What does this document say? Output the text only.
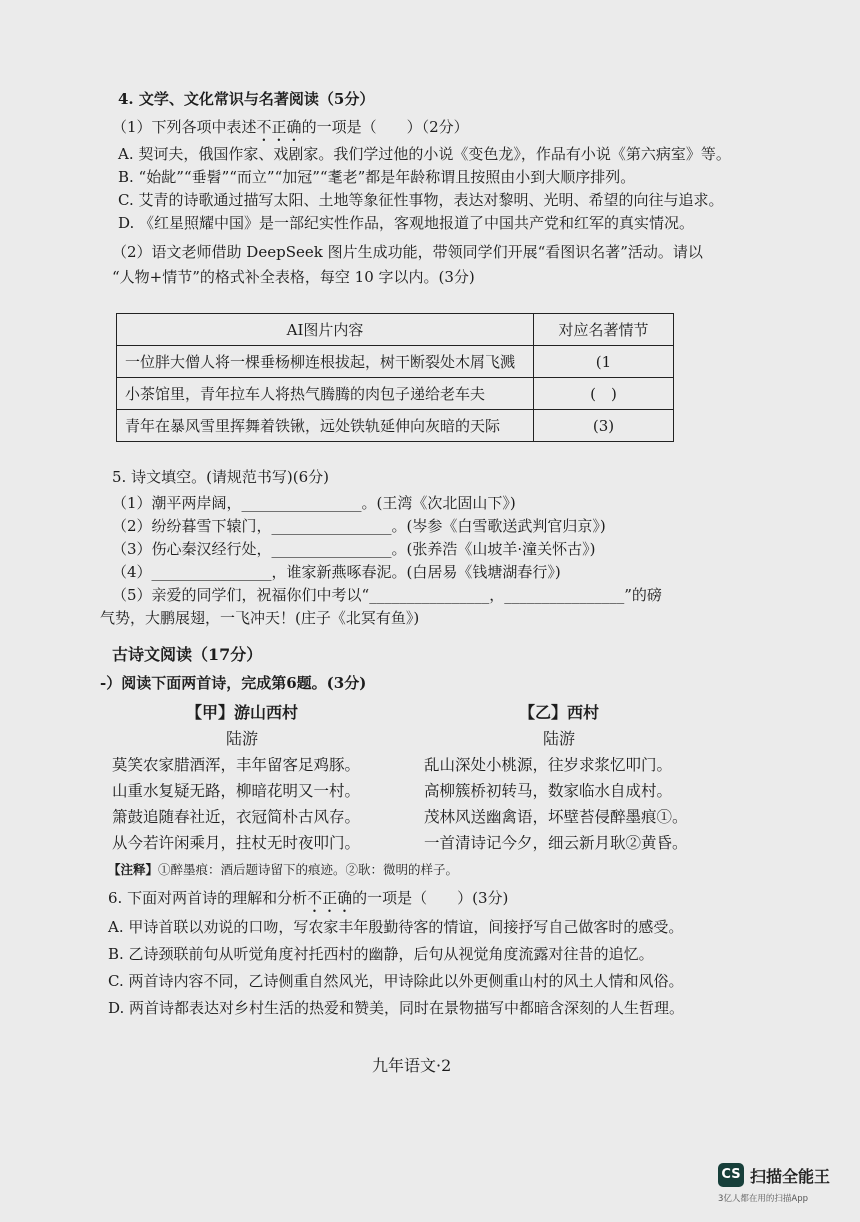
4. 文学、文化常识与名著阅读（5分）
（1）下列各项中表述不正确的一项是（　　）（2分）
A. 契诃夫，俄国作家、戏剧家。我们学过他的小说《变色龙》，作品有小说《第六病室》等。
B. “始龀”“垂髫”“而立”“加冠”“耄老”都是年龄称谓且按照由小到大顺序排列。
C. 艾青的诗歌通过描写太阳、土地等象征性事物，表达对黎明、光明、希望的向往与追求。
D. 《红星照耀中国》是一部纪实性作品，客观地报道了中国共产党和红军的真实情况。
（2）语文老师借助 DeepSeek 图片生成功能，带领同学们开展“看图识名著”活动。请以
“人物+情节”的格式补全表格，每空 10 字以内。(3分)
AI图片内容	对应名著情节
一位胖大僧人将一棵垂杨柳连根拔起，树干断裂处木屑飞溅	(1
小茶馆里，青年拉车人将热气腾腾的肉包子递给老车夫	(　)
青年在暴风雪里挥舞着铁锹，远处铁轨延伸向灰暗的天际	(3)
5. 诗文填空。(请规范书写)(6分)
（1）潮平两岸阔，________________。(王湾《次北固山下》)
（2）纷纷暮雪下辕门，________________。(岑参《白雪歌送武判官归京》)
（3）伤心秦汉经行处，________________。(张养浩《山坡羊·潼关怀古》)
（4）________________，谁家新燕啄春泥。(白居易《钱塘湖春行》)
（5）亲爱的同学们，祝福你们中考以“________________，________________”的磅
气势，大鹏展翅，一飞冲天！(庄子《北冥有鱼》)
古诗文阅读（17分）
-）阅读下面两首诗，完成第6题。(3分)
【甲】游山西村
陆游
莫笑农家腊酒浑，丰年留客足鸡豚。
山重水复疑无路，柳暗花明又一村。
箫鼓追随春社近，衣冠简朴古风存。
从今若许闲乘月，拄杖无时夜叩门。
【乙】西村
陆游
乱山深处小桃源，往岁求浆忆叩门。
高柳簇桥初转马，数家临水自成村。
茂林风送幽禽语，坏壁苔侵醉墨痕①。
一首清诗记今夕，细云新月耿②黄昏。
【注释】①醉墨痕：酒后题诗留下的痕迹。②耿：微明的样子。
6. 下面对两首诗的理解和分析不正确的一项是（　　）(3分)
A. 甲诗首联以劝说的口吻，写农家丰年殷勤待客的情谊，间接抒写自己做客时的感受。
B. 乙诗颈联前句从听觉角度衬托西村的幽静，后句从视觉角度流露对往昔的追忆。
C. 两首诗内容不同，乙诗侧重自然风光，甲诗除此以外更侧重山村的风土人情和风俗。
D. 两首诗都表达对乡村生活的热爱和赞美，同时在景物描写中都暗含深刻的人生哲理。
九年语文·2
CS 扫描全能王
3亿人都在用的扫描App
